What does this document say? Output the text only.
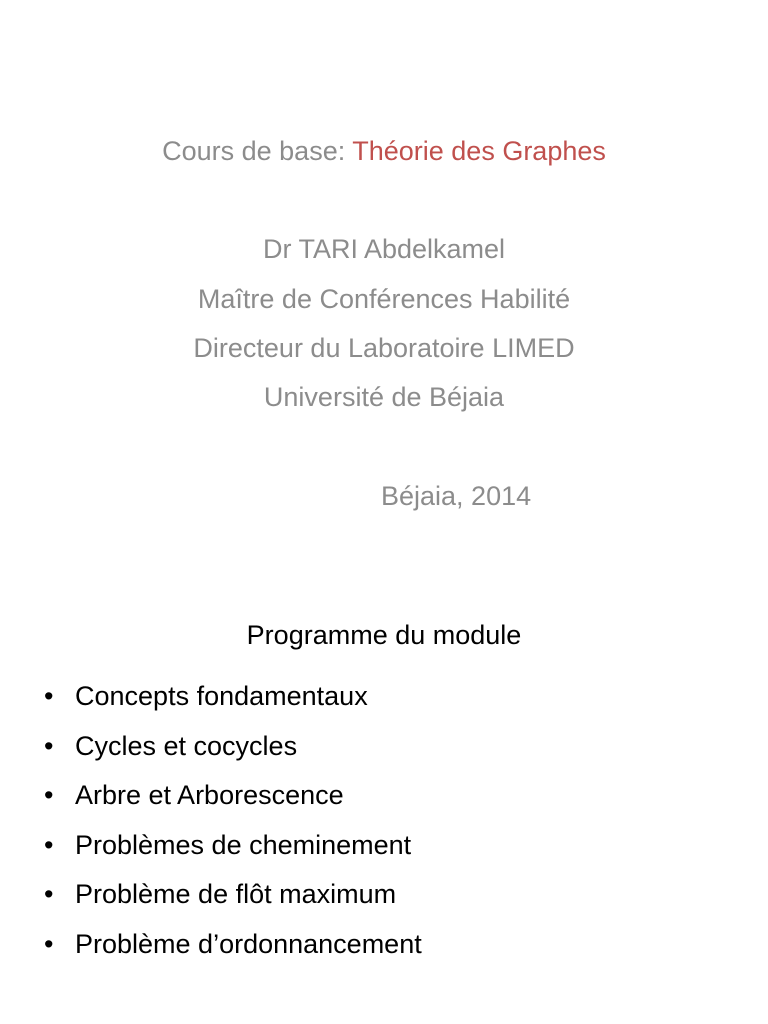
Cours de base: Théorie des Graphes
Dr TARI Abdelkamel
Maître de Conférences Habilité
Directeur du Laboratoire LIMED
Université de Béjaia
Béjaia, 2014
Programme du module
• Concepts fondamentaux
• Cycles et cocycles
• Arbre et Arborescence
• Problèmes de cheminement
• Problème de flôt maximum
• Problème d’ordonnancement
